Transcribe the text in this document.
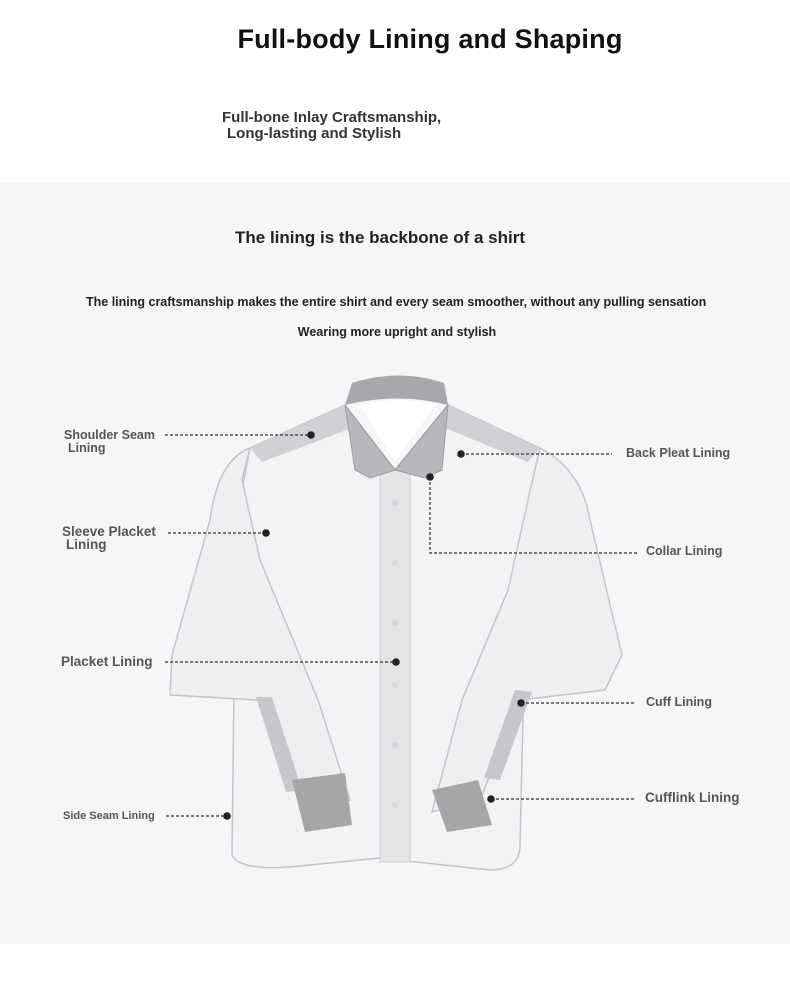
Full-body Lining and Shaping
Full-bone Inlay Craftsmanship,
Long-lasting and Stylish
The lining is the backbone of a shirt
The lining craftsmanship makes the entire shirt and every seam smoother, without any pulling sensation
Wearing more upright and stylish
Shoulder Seam
Lining
Sleeve Placket
Lining
Placket Lining
Side Seam Lining
Back Pleat Lining
Collar Lining
Cuff Lining
Cufflink Lining
